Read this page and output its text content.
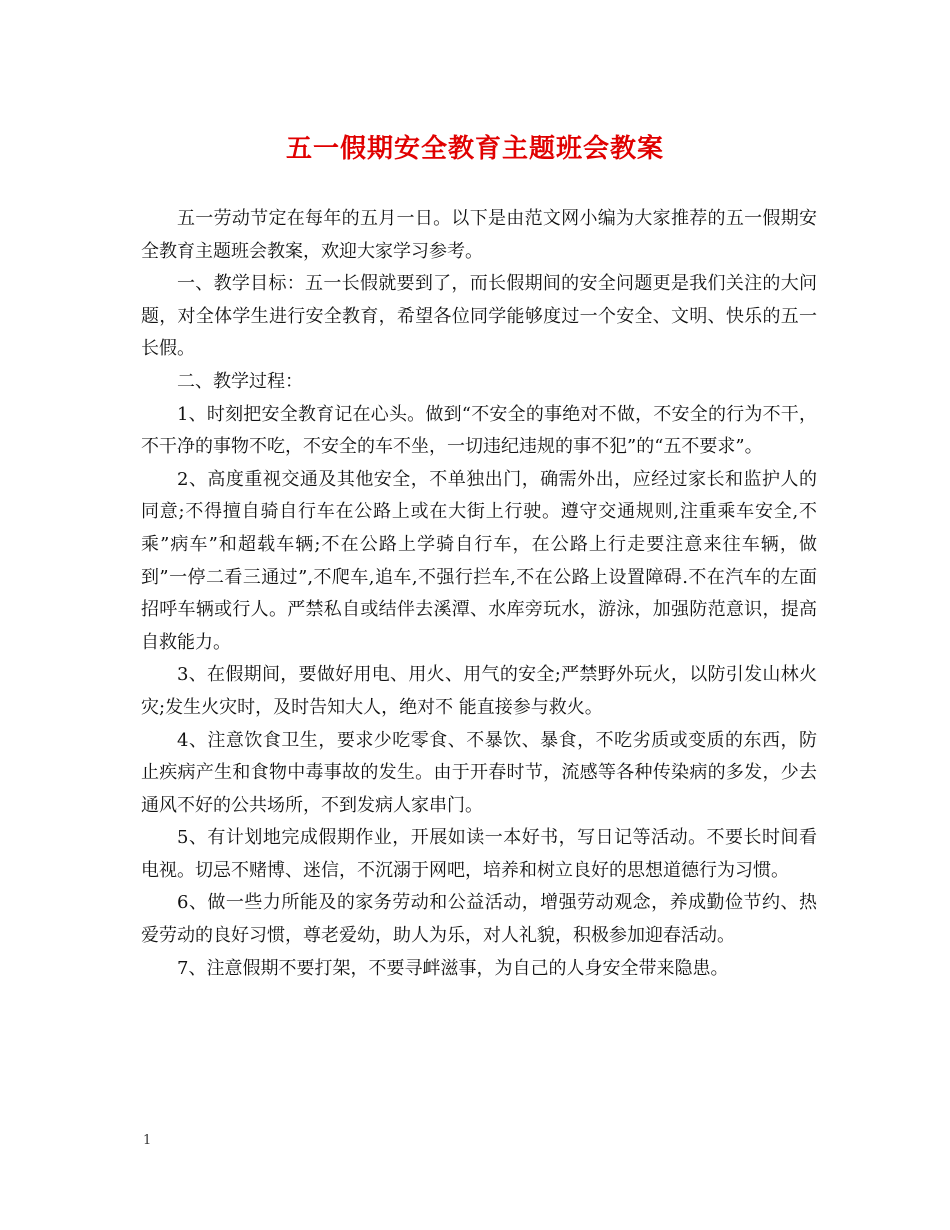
五一假期安全教育主题班会教案

五一劳动节定在每年的五月一日。以下是由范文网小编为大家推荐的五一假期安全教育主题班会教案，欢迎大家学习参考。

一、教学目标：五一长假就要到了，而长假期间的安全问题更是我们关注的大问题，对全体学生进行安全教育，希望各位同学能够度过一个安全、文明、快乐的五一长假。

二、教学过程：

1、时刻把安全教育记在心头。做到“不安全的事绝对不做，不安全的行为不干，不干净的事物不吃，不安全的车不坐，一切违纪违规的事不犯”的“五不要求”。

2、高度重视交通及其他安全，不单独出门，确需外出，应经过家长和监护人的同意;不得擅自骑自行车在公路上或在大街上行驶。遵守交通规则,注重乘车安全,不乘”病车”和超载车辆;不在公路上学骑自行车，在公路上行走要注意来往车辆，做到”一停二看三通过”,不爬车,追车,不强行拦车,不在公路上设置障碍.不在汽车的左面招呼车辆或行人。严禁私自或结伴去溪潭、水库旁玩水，游泳，加强防范意识，提高自救能力。

3、在假期间，要做好用电、用火、用气的安全;严禁野外玩火，以防引发山林火灾;发生火灾时，及时告知大人，绝对不 能直接参与救火。

4、注意饮食卫生，要求少吃零食、不暴饮、暴食，不吃劣质或变质的东西，防止疾病产生和食物中毒事故的发生。由于开春时节，流感等各种传染病的多发，少去通风不好的公共场所，不到发病人家串门。

5、有计划地完成假期作业，开展如读一本好书，写日记等活动。不要长时间看电视。切忌不赌博、迷信，不沉溺于网吧，培养和树立良好的思想道德行为习惯。

6、做一些力所能及的家务劳动和公益活动，增强劳动观念，养成勤俭节约、热爱劳动的良好习惯，尊老爱幼，助人为乐，对人礼貌，积极参加迎春活动。

7、注意假期不要打架，不要寻衅滋事，为自己的人身安全带来隐患。

1
